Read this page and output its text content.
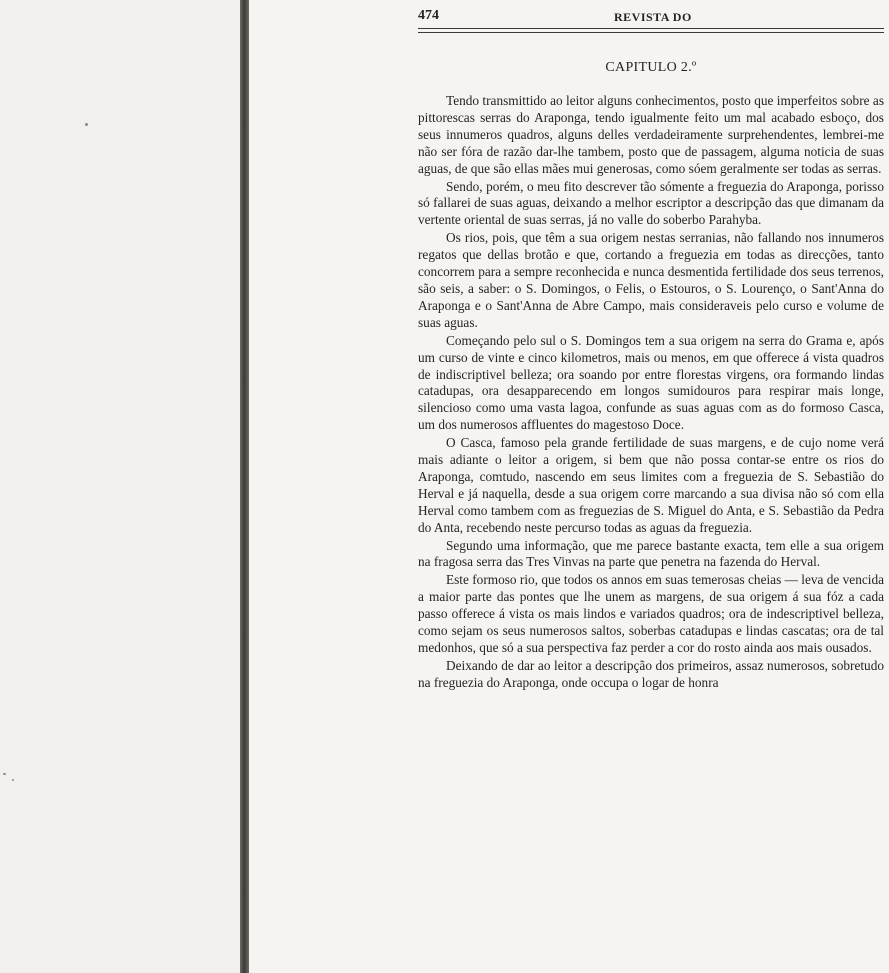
474	REVISTA DO
CAPITULO 2.º

Tendo transmittido ao leitor alguns conhecimentos, posto que imperfeitos sobre as pittorescas serras do Araponga, tendo igualmente feito um mal acabado esboço, dos seus innumeros quadros, alguns delles verdadeiramente surprehendentes, lembrei-me não ser fóra de razão dar-lhe tambem, posto que de passagem, alguma noticia de suas aguas, de que são ellas mães mui generosas, como sóem geralmente ser todas as serras.

Sendo, porém, o meu fito descrever tão sómente a freguezia do Araponga, porisso só fallarei de suas aguas, deixando a melhor escriptor a descripção das que dimanam da vertente oriental de suas serras, já no valle do soberbo Parahyba.

Os rios, pois, que têm a sua origem nestas serranias, não fallando nos innumeros regatos que dellas brotão e que, cortando a freguezia em todas as direcções, tanto concorrem para a sempre reconhecida e nunca desmentida fertilidade dos seus terrenos, são seis, a saber: o S. Domingos, o Felis, o Estouros, o S. Lourenço, o Sant'Anna do Araponga e o Sant'Anna de Abre Campo, mais consideraveis pelo curso e volume de suas aguas.

Começando pelo sul o S. Domingos tem a sua origem na serra do Grama e, após um curso de vinte e cinco kilometros, mais ou menos, em que offerece á vista quadros de indiscriptivel belleza; ora soando por entre florestas virgens, ora formando lindas catadupas, ora desapparecendo em longos sumidouros para respirar mais longe, silencioso como uma vasta lagoa, confunde as suas aguas com as do formoso Casca, um dos numerosos affluentes do magestoso Doce.

O Casca, famoso pela grande fertilidade de suas margens, e de cujo nome verá mais adiante o leitor a origem, si bem que não possa contar-se entre os rios do Araponga, comtudo, nascendo em seus limites com a freguezia de S. Sebastião do Herval e já naquella, desde a sua origem corre marcando a sua divisa não só com ella Herval como tambem com as freguezias de S. Miguel do Anta, e S. Sebastião da Pedra do Anta, recebendo neste percurso todas as aguas da freguezia.

Segundo uma informação, que me parece bastante exacta, tem elle a sua origem na fragosa serra das Tres Vinvas na parte que penetra na fazenda do Herval.

Este formoso rio, que todos os annos em suas temerosas cheias — leva de vencida a maior parte das pontes que lhe unem as margens, de sua origem á sua fóz a cada passo offerece á vista os mais lindos e variados quadros; ora de indescriptivel belleza, como sejam os seus numerosos saltos, soberbas catadupas e lindas cascatas; ora de tal medonhos, que só a sua perspectiva faz perder a cor do rosto ainda aos mais ousados.

Deixando de dar ao leitor a descripção dos primeiros, assaz numerosos, sobretudo na freguezia do Araponga, onde occupa o logar de honra
